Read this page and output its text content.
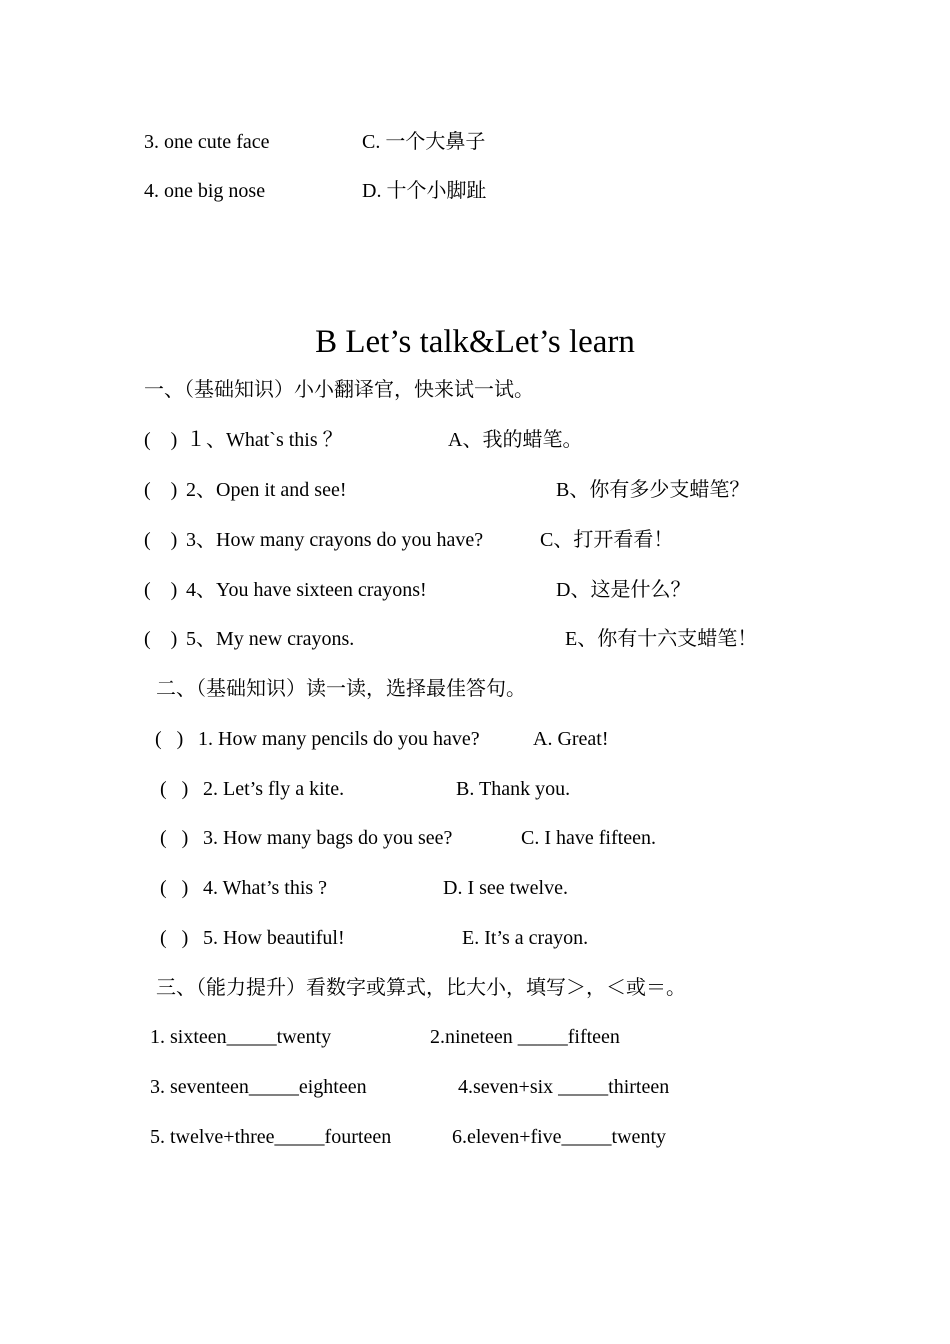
3. one cute face	C. 一个大鼻子
4. one big nose	D. 十个小脚趾
B Let’s talk&Let’s learn
一、（基础知识）小小翻译官，快来试一试。
(    ) １、What`s this ？	A、我的蜡笔。
(    ) 2、Open it and see!	B、你有多少支蜡笔？
(    ) 3、How many crayons do you have?	C、打开看看！
(    ) 4、You have sixteen crayons!	D、这是什么？
(    ) 5、My new crayons.	E、你有十六支蜡笔！
二、（基础知识）读一读，选择最佳答句。
(   ) 1. How many pencils do you have?	A. Great!
(   ) 2. Let’s fly a kite.	B. Thank you.
(   ) 3. How many bags do you see?	C. I have fifteen.
(   ) 4. What’s this ?	D. I see twelve.
(   ) 5. How beautiful!	E. It’s a crayon.
三、（能力提升）看数字或算式，比大小，填写＞，＜或＝。
1. sixteen_____twenty	2.nineteen _____fifteen
3. seventeen_____eighteen	4.seven+six _____thirteen
5. twelve+three_____fourteen	6.eleven+five_____twenty
